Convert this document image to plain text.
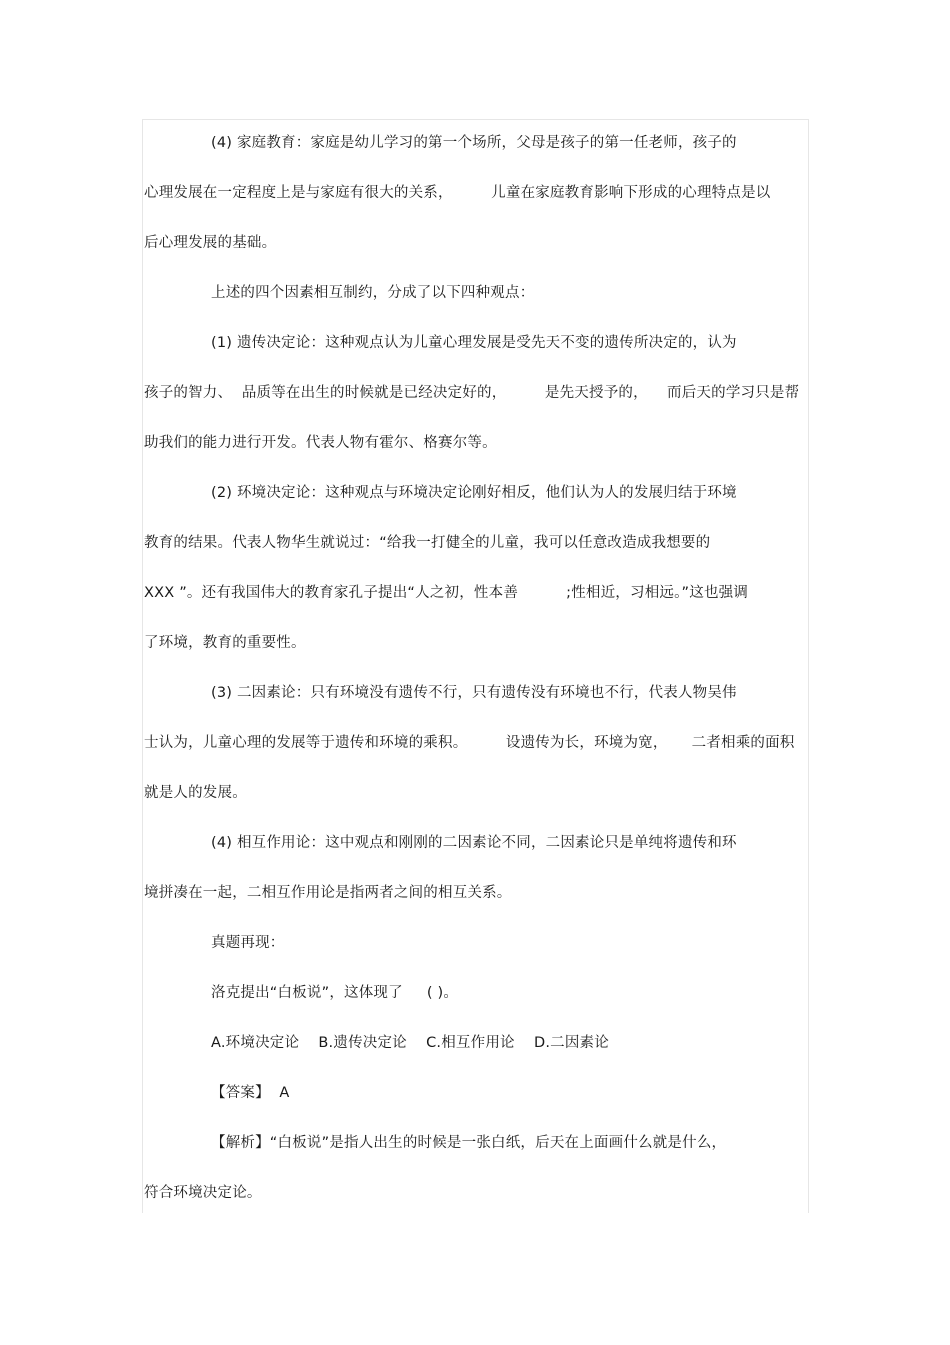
(4) 家庭教育：家庭是幼儿学习的第一个场所，父母是孩子的第一任老师，孩子的
心理发展在一定程度上是与家庭有很大的关系，        儿童在家庭教育影响下形成的心理特点是以
后心理发展的基础。
上述的四个因素相互制约，分成了以下四种观点：
(1) 遗传决定论：这种观点认为儿童心理发展是受先天不变的遗传所决定的，认为
孩子的智力、  品质等在出生的时候就是已经决定好的，        是先天授予的，    而后天的学习只是帮
助我们的能力进行开发。代表人物有霍尔、格赛尔等。
(2) 环境决定论：这种观点与环境决定论刚好相反，他们认为人的发展归结于环境
教育的结果。代表人物华生就说过：“给我一打健全的儿童，我可以任意改造成我想要的
XXX ”。还有我国伟大的教育家孔子提出“人之初，性本善          ;性相近，习相远。”这也强调
了环境，教育的重要性。
(3) 二因素论：只有环境没有遗传不行，只有遗传没有环境也不行，代表人物吴伟
士认为，儿童心理的发展等于遗传和环境的乘积。        设遗传为长，环境为宽，     二者相乘的面积
就是人的发展。
(4) 相互作用论：这中观点和刚刚的二因素论不同，二因素论只是单纯将遗传和环
境拼凑在一起，二相互作用论是指两者之间的相互关系。
真题再现：
洛克提出“白板说”，这体现了     ( )。
A.环境决定论    B.遗传决定论    C.相互作用论    D.二因素论
【答案】  A
【解析】“白板说”是指人出生的时候是一张白纸，后天在上面画什么就是什么，
符合环境决定论。
